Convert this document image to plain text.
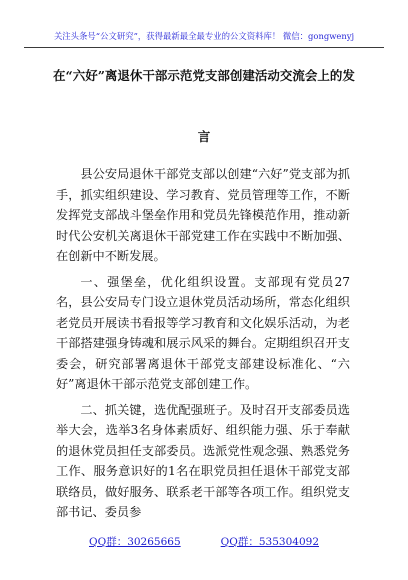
关注头条号“公文研究”，获得最新最全最专业的公文资料库！ 微信：gongwenyj
在“六好”离退休干部示范党支部创建活动交流会上的发
言

县公安局退休干部党支部以创建“六好”党支部为抓手，抓实组织建设、学习教育、党员管理等工作，不断发挥党支部战斗堡垒作用和党员先锋模范作用，推动新时代公安机关离退休干部党建工作在实践中不断加强、在创新中不断发展。

一、强堡垒，优化组织设置。支部现有党员27名，县公安局专门设立退休党员活动场所，常态化组织老党员开展读书看报等学习教育和文化娱乐活动，为老干部搭建强身铸魂和展示风采的舞台。定期组织召开支委会，研究部署离退休干部党支部建设标准化、“六好”离退休干部示范党支部创建工作。

二、抓关键，选优配强班子。及时召开支部委员选举大会，选举3名身体素质好、组织能力强、乐于奉献的退休党员担任支部委员。选派党性观念强、熟悉党务工作、服务意识好的1名在职党员担任退休干部党支部联络员，做好服务、联系老干部等各项工作。组织党支部书记、委员参

QQ群：30265665	QQ群：535304092
